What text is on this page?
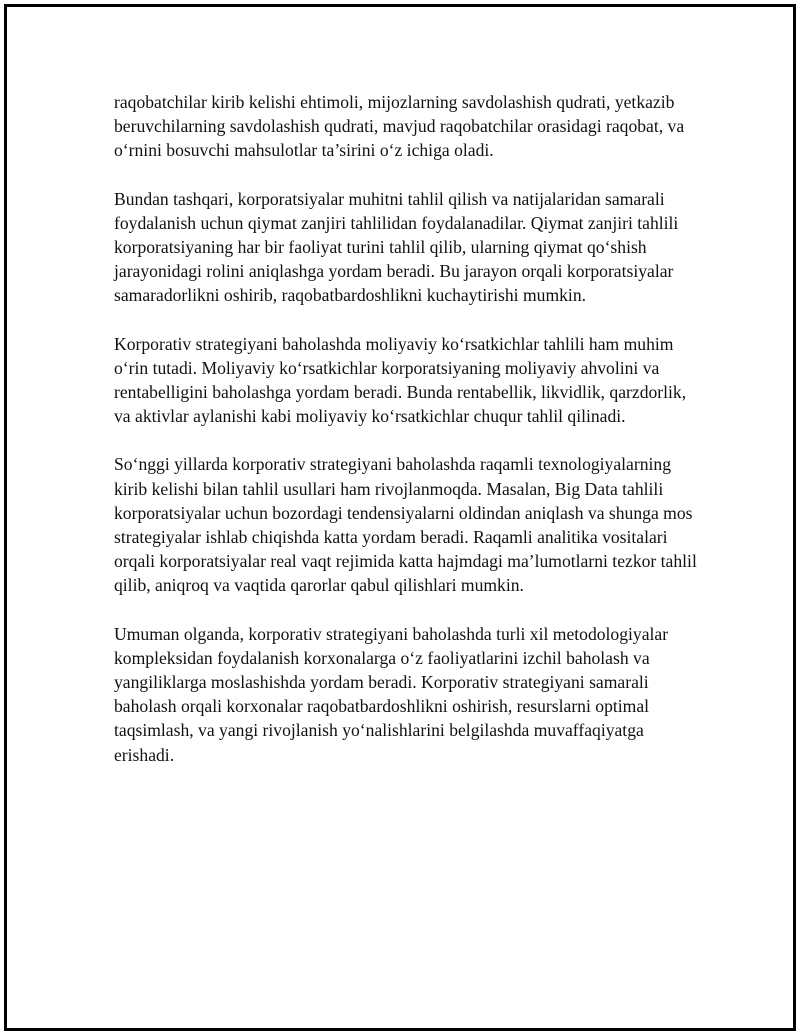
raqobatchilar kirib kelishi ehtimoli, mijozlarning savdolashish qudrati, yetkazib beruvchilarning savdolashish qudrati, mavjud raqobatchilar orasidagi raqobat, va o‘rnini bosuvchi mahsulotlar ta’sirini o‘z ichiga oladi.

Bundan tashqari, korporatsiyalar muhitni tahlil qilish va natijalaridan samarali foydalanish uchun qiymat zanjiri tahlilidan foydalanadilar. Qiymat zanjiri tahlili korporatsiyaning har bir faoliyat turini tahlil qilib, ularning qiymat qo‘shish jarayonidagi rolini aniqlashga yordam beradi. Bu jarayon orqali korporatsiyalar samaradorlikni oshirib, raqobatbardoshlikni kuchaytirishi mumkin.

Korporativ strategiyani baholashda moliyaviy ko‘rsatkichlar tahlili ham muhim o‘rin tutadi. Moliyaviy ko‘rsatkichlar korporatsiyaning moliyaviy ahvolini va rentabelligini baholashga yordam beradi. Bunda rentabellik, likvidlik, qarzdorlik, va aktivlar aylanishi kabi moliyaviy ko‘rsatkichlar chuqur tahlil qilinadi.

So‘nggi yillarda korporativ strategiyani baholashda raqamli texnologiyalarning kirib kelishi bilan tahlil usullari ham rivojlanmoqda. Masalan, Big Data tahlili korporatsiyalar uchun bozordagi tendensiyalarni oldindan aniqlash va shunga mos strategiyalar ishlab chiqishda katta yordam beradi. Raqamli analitika vositalari orqali korporatsiyalar real vaqt rejimida katta hajmdagi ma’lumotlarni tezkor tahlil qilib, aniqroq va vaqtida qarorlar qabul qilishlari mumkin.

Umuman olganda, korporativ strategiyani baholashda turli xil metodologiyalar kompleksidan foydalanish korxonalarga o‘z faoliyatlarini izchil baholash va yangiliklarga moslashishda yordam beradi. Korporativ strategiyani samarali baholash orqali korxonalar raqobatbardoshlikni oshirish, resurslarni optimal taqsimlash, va yangi rivojlanish yo‘nalishlarini belgilashda muvaffaqiyatga erishadi.
